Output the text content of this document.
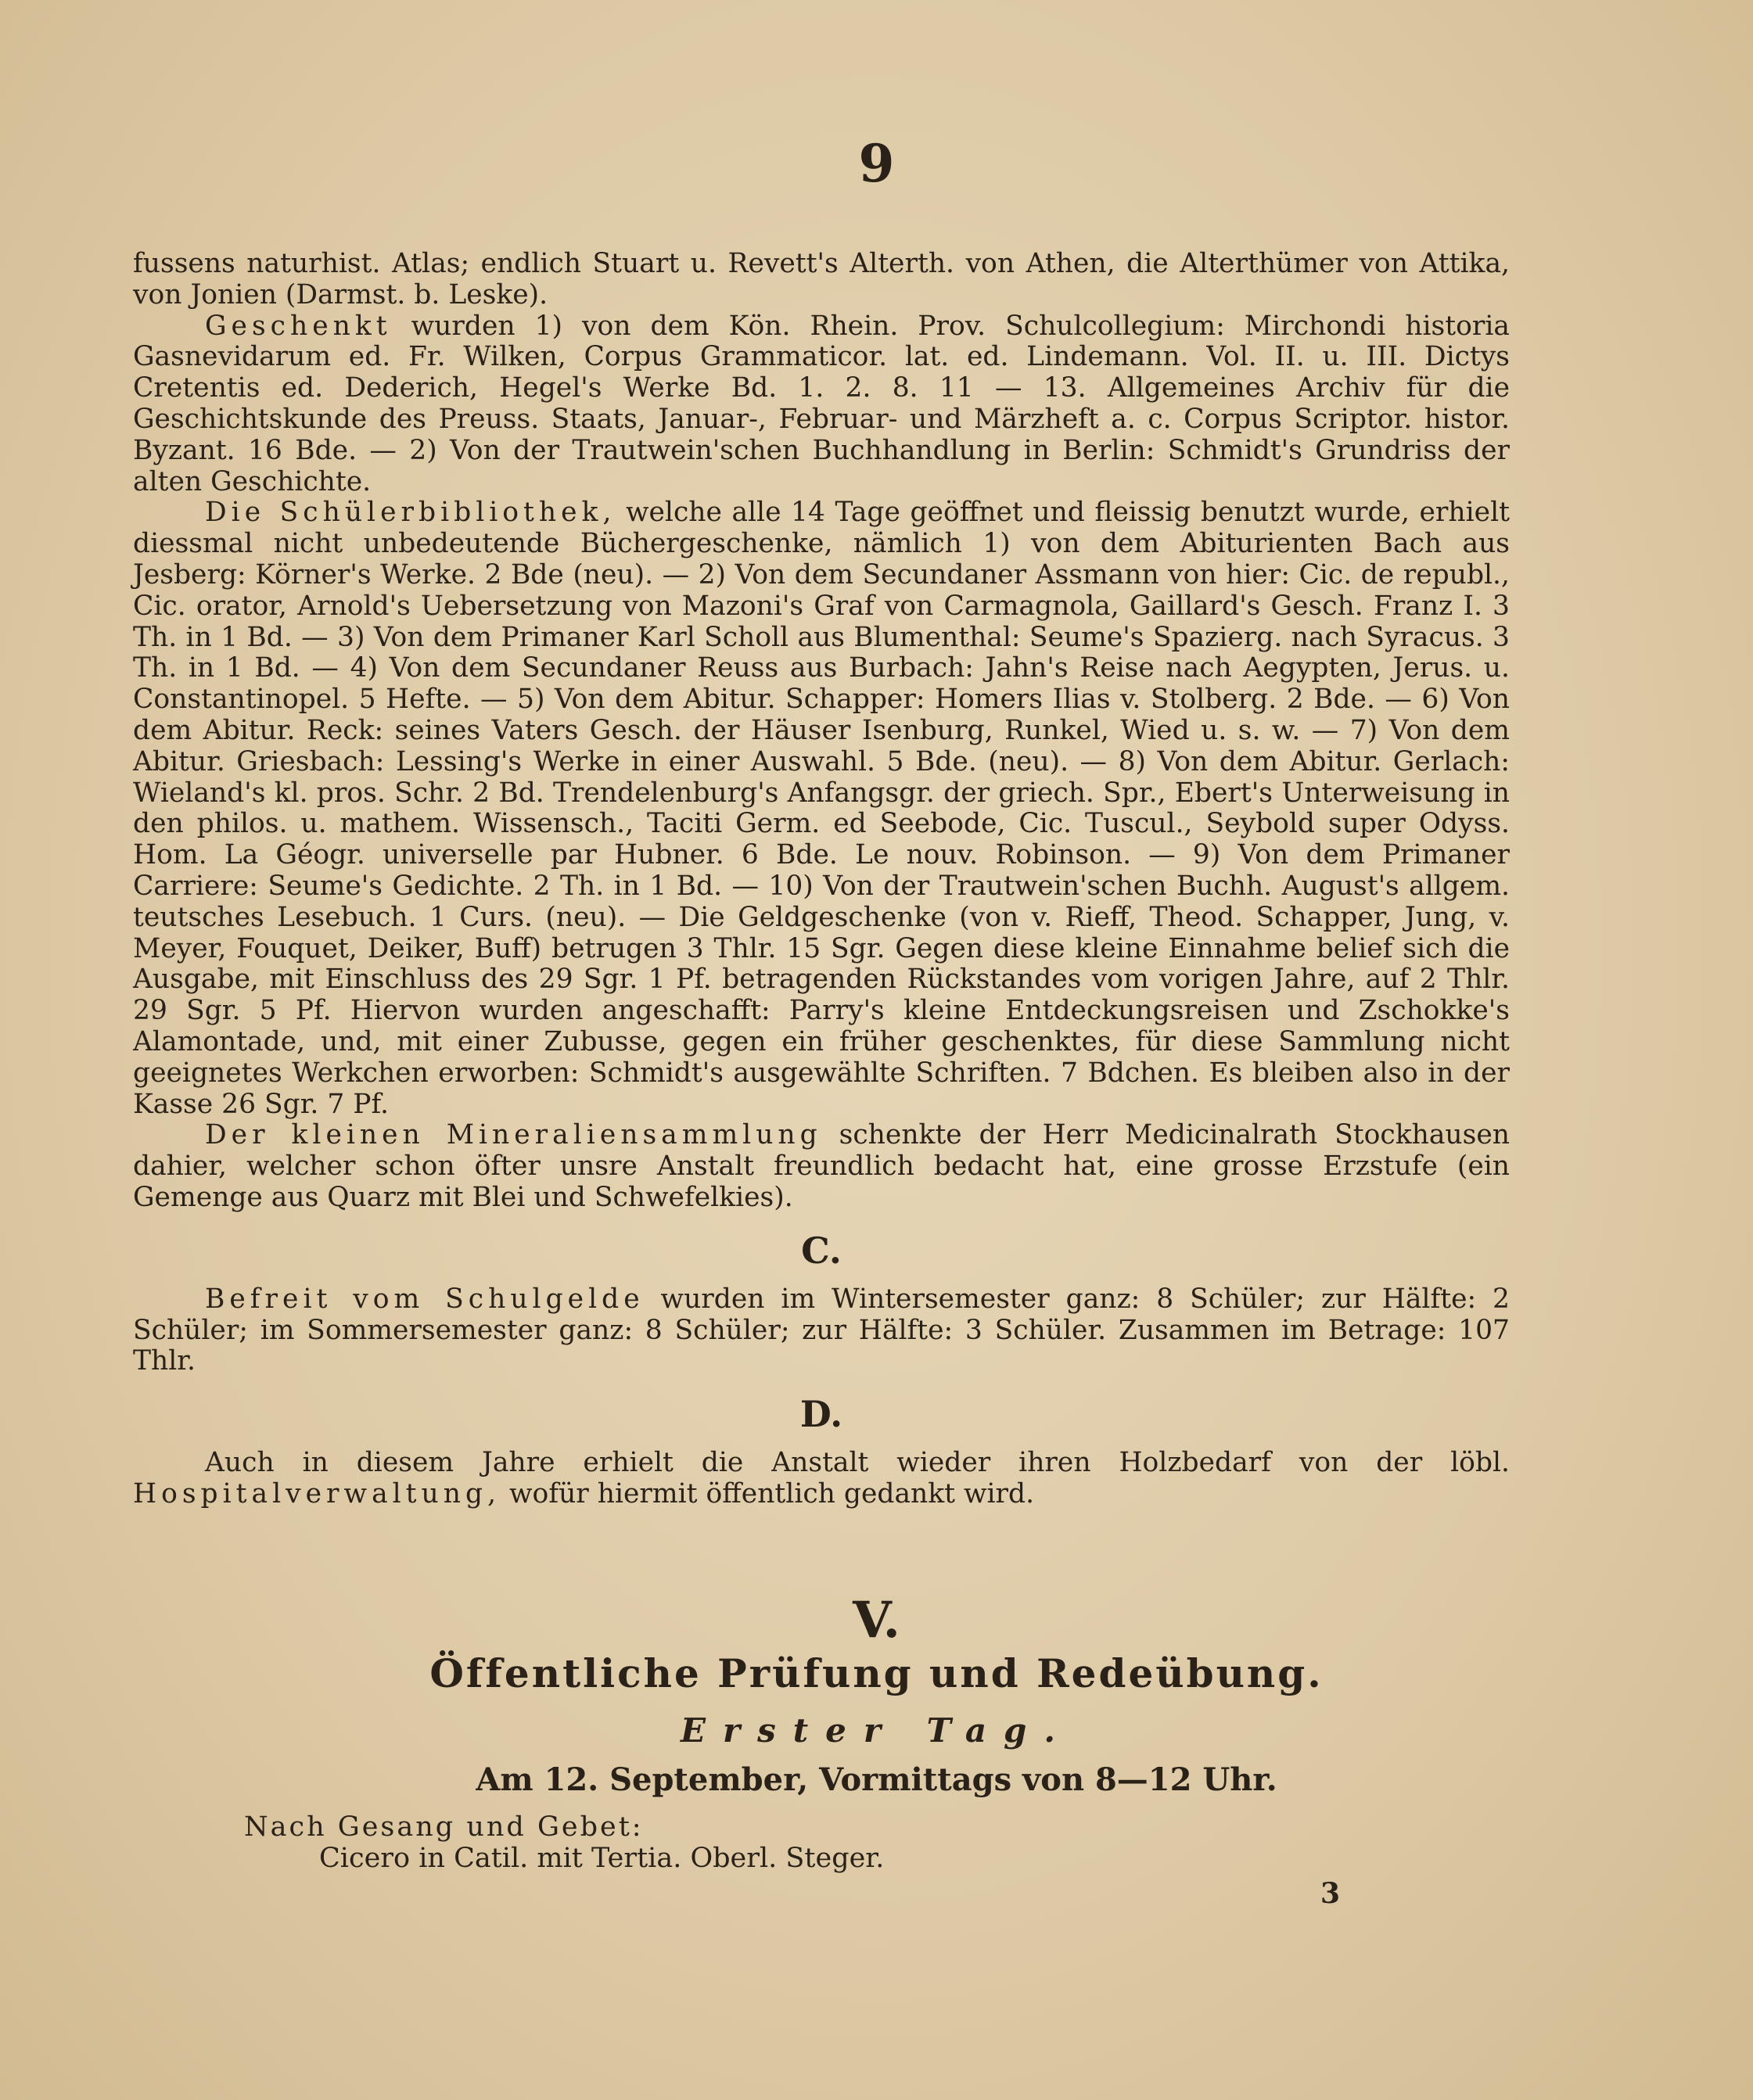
9

fussens naturhist. Atlas; endlich Stuart u. Revett's Alterth. von Athen, die Alterthümer von Attika, von Jonien (Darmst. b. Leske).

Geschenkt wurden 1) von dem Kön. Rhein. Prov. Schulcollegium: Mirchondi historia Gasnevidarum ed. Fr. Wilken, Corpus Grammaticor. lat. ed. Lindemann. Vol. II. u. III. Dictys Cretentis ed. Dederich, Hegel's Werke Bd. 1. 2. 8. 11 — 13. Allgemeines Archiv für die Geschichtskunde des Preuss. Staats, Januar-, Februar- und Märzheft a. c. Corpus Scriptor. histor. Byzant. 16 Bde. — 2) Von der Trautwein'schen Buchhandlung in Berlin: Schmidt's Grundriss der alten Geschichte.

Die Schülerbibliothek, welche alle 14 Tage geöffnet und fleissig benutzt wurde, erhielt diessmal nicht unbedeutende Büchergeschenke, nämlich 1) von dem Abiturienten Bach aus Jesberg: Körner's Werke. 2 Bde (neu). — 2) Von dem Secundaner Assmann von hier: Cic. de republ., Cic. orator, Arnold's Uebersetzung von Mazoni's Graf von Carmagnola, Gaillard's Gesch. Franz I. 3 Th. in 1 Bd. — 3) Von dem Primaner Karl Scholl aus Blumenthal: Seume's Spazierg. nach Syracus. 3 Th. in 1 Bd. — 4) Von dem Secundaner Reuss aus Burbach: Jahn's Reise nach Aegypten, Jerus. u. Constantinopel. 5 Hefte. — 5) Von dem Abitur. Schapper: Homers Ilias v. Stolberg. 2 Bde. — 6) Von dem Abitur. Reck: seines Vaters Gesch. der Häuser Isenburg, Runkel, Wied u. s. w. — 7) Von dem Abitur. Griesbach: Lessing's Werke in einer Auswahl. 5 Bde. (neu). — 8) Von dem Abitur. Gerlach: Wieland's kl. pros. Schr. 2 Bd. Trendelenburg's Anfangsgr. der griech. Spr., Ebert's Unterweisung in den philos. u. mathem. Wissensch., Taciti Germ. ed Seebode, Cic. Tuscul., Seybold super Odyss. Hom. La Géogr. universelle par Hubner. 6 Bde. Le nouv. Robinson. — 9) Von dem Primaner Carriere: Seume's Gedichte. 2 Th. in 1 Bd. — 10) Von der Trautwein'schen Buchh. August's allgem. teutsches Lesebuch. 1 Curs. (neu). — Die Geldgeschenke (von v. Rieff, Theod. Schapper, Jung, v. Meyer, Fouquet, Deiker, Buff) betrugen 3 Thlr. 15 Sgr. Gegen diese kleine Einnahme belief sich die Ausgabe, mit Einschluss des 29 Sgr. 1 Pf. betragenden Rückstandes vom vorigen Jahre, auf 2 Thlr. 29 Sgr. 5 Pf. Hiervon wurden angeschafft: Parry's kleine Entdeckungsreisen und Zschokke's Alamontade, und, mit einer Zubusse, gegen ein früher geschenktes, für diese Sammlung nicht geeignetes Werkchen erworben: Schmidt's ausgewählte Schriften. 7 Bdchen. Es bleiben also in der Kasse 26 Sgr. 7 Pf.

Der kleinen Mineraliensammlung schenkte der Herr Medicinalrath Stockhausen dahier, welcher schon öfter unsre Anstalt freundlich bedacht hat, eine grosse Erzstufe (ein Gemenge aus Quarz mit Blei und Schwefelkies).

C.

Befreit vom Schulgelde wurden im Wintersemester ganz: 8 Schüler; zur Hälfte: 2 Schüler; im Sommersemester ganz: 8 Schüler; zur Hälfte: 3 Schüler. Zusammen im Betrage: 107 Thlr.

D.

Auch in diesem Jahre erhielt die Anstalt wieder ihren Holzbedarf von der löbl. Hospitalverwaltung, wofür hiermit öffentlich gedankt wird.

V.
Öffentliche Prüfung und Redeübung.
Erster Tag.
Am 12. September, Vormittags von 8—12 Uhr.
Nach Gesang und Gebet:
Cicero in Catil. mit Tertia. Oberl. Steger.
3
